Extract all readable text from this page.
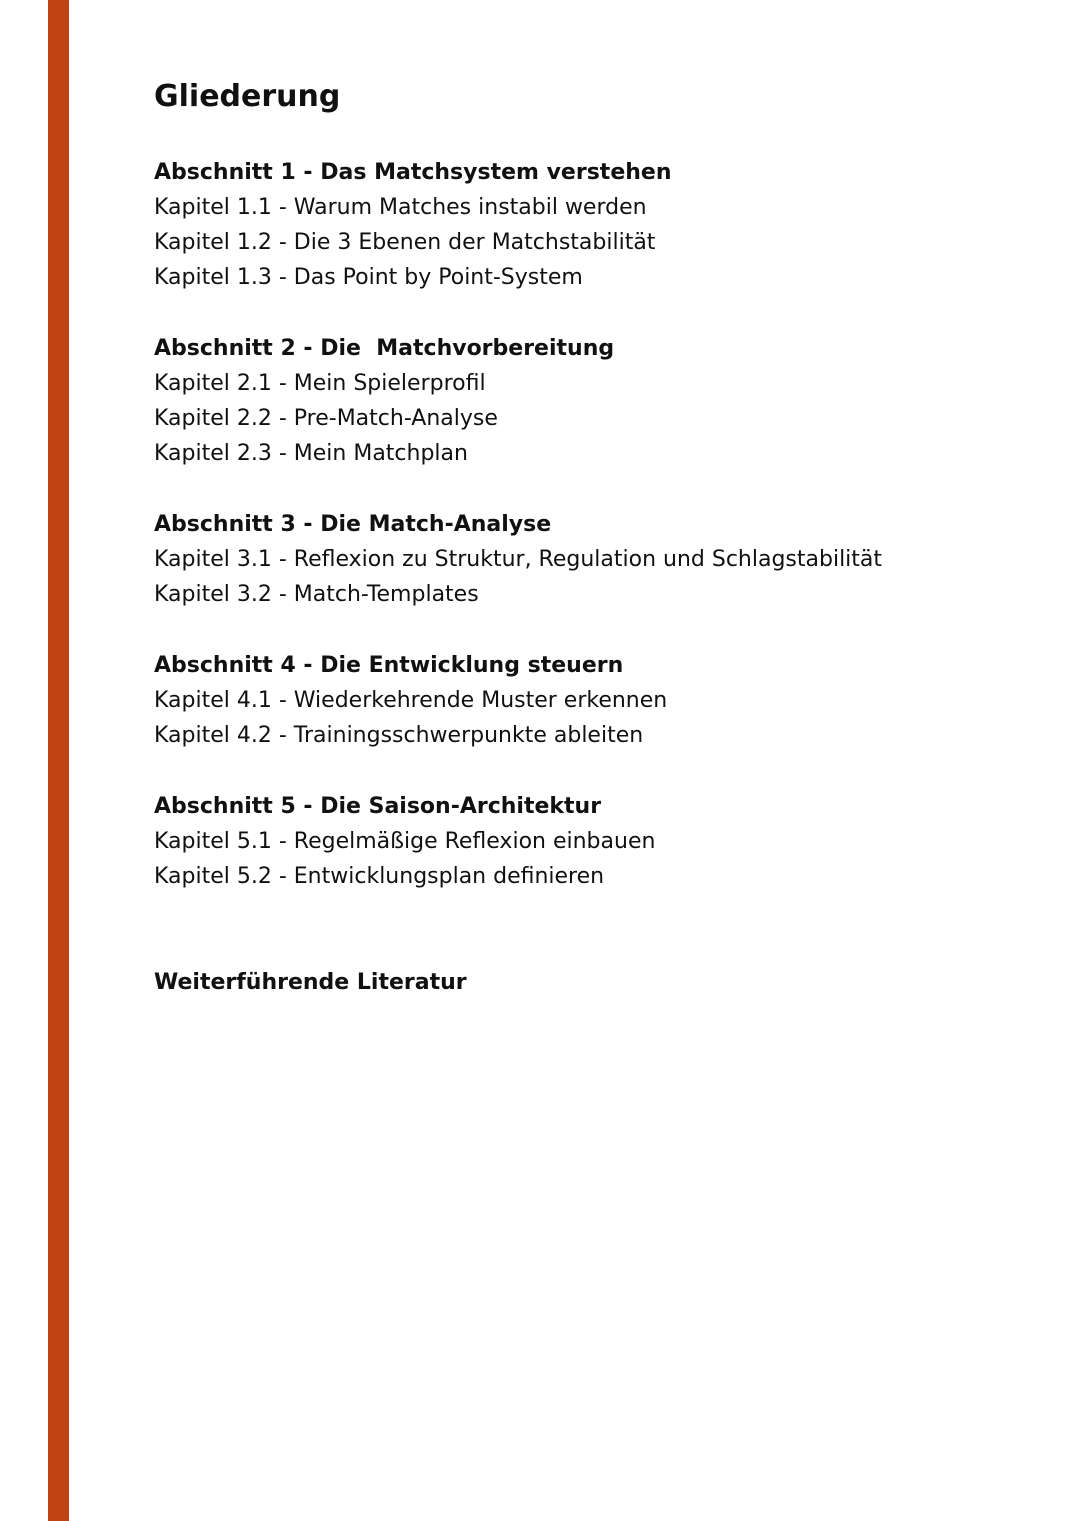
Gliederung
Abschnitt 1 - Das Matchsystem verstehen
Kapitel 1.1 - Warum Matches instabil werden
Kapitel 1.2 - Die 3 Ebenen der Matchstabilität
Kapitel 1.3 - Das Point by Point-System
Abschnitt 2 - Die  Matchvorbereitung
Kapitel 2.1 - Mein Spielerprofil
Kapitel 2.2 - Pre-Match-Analyse
Kapitel 2.3 - Mein Matchplan
Abschnitt 3 - Die Match-Analyse
Kapitel 3.1 - Reflexion zu Struktur, Regulation und Schlagstabilität
Kapitel 3.2 - Match-Templates
Abschnitt 4 - Die Entwicklung steuern
Kapitel 4.1 - Wiederkehrende Muster erkennen
Kapitel 4.2 - Trainingsschwerpunkte ableiten
Abschnitt 5 - Die Saison-Architektur
Kapitel 5.1 - Regelmäßige Reflexion einbauen
Kapitel 5.2 - Entwicklungsplan definieren
Weiterführende Literatur
